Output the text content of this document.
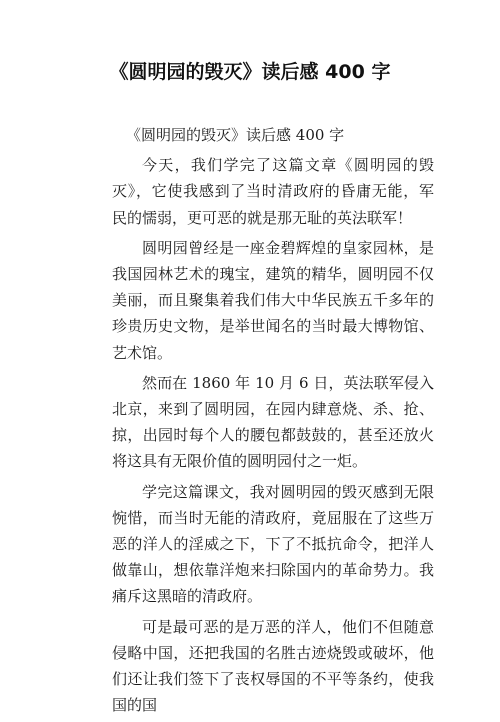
《圆明园的毁灭》读后感 400 字

《圆明园的毁灭》读后感 400 字

今天，我们学完了这篇文章《圆明园的毁灭》，它使我感到了当时清政府的昏庸无能，军民的懦弱，更可恶的就是那无耻的英法联军！

圆明园曾经是一座金碧辉煌的皇家园林，是我国园林艺术的瑰宝，建筑的精华，圆明园不仅美丽，而且聚集着我们伟大中华民族五千多年的珍贵历史文物，是举世闻名的当时最大博物馆、艺术馆。

然而在 1860 年 10 月 6 日，英法联军侵入北京，来到了圆明园，在园内肆意烧、杀、抢、掠，出园时每个人的腰包都鼓鼓的，甚至还放火将这具有无限价值的圆明园付之一炬。

学完这篇课文，我对圆明园的毁灭感到无限惋惜，而当时无能的清政府，竟屈服在了这些万恶的洋人的淫威之下，下了不抵抗命令，把洋人做靠山，想依靠洋炮来扫除国内的革命势力。我痛斥这黑暗的清政府。

可是最可恶的是万恶的洋人，他们不但随意侵略中国，还把我国的名胜古迹烧毁或破坏，他们还让我们签下了丧权辱国的不平等条约，使我国的国
